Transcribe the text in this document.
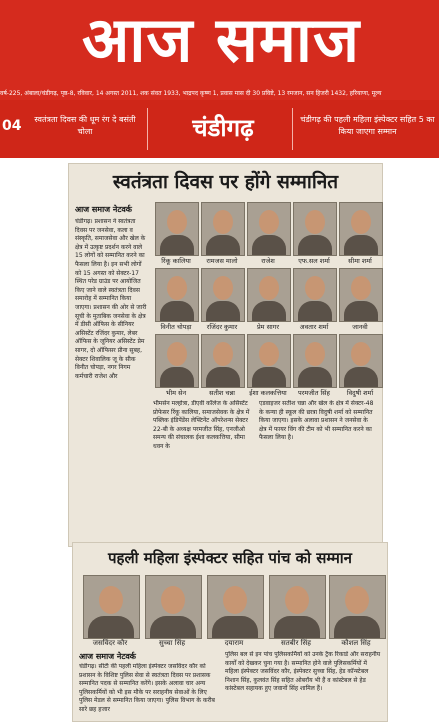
आज समाज
वर्ष-225, अंबाला/चंडीगढ़, पृष्ठ-8, रविवार, 14 अगस्त 2011, शक संवत 1933, भाद्रपद कृष्ण 1, प्रवास मास दी 30 प्रविष्टे, 13 रमजान, सन हिजरी 1432, हरियाणा, मूल्य
04	स्वतंत्रता दिवस की धूम रंग दे बसंती चोला	चंडीगढ़	चंडीगढ़ की पहली महिला इंस्पेक्टर सहित 5 का किया जाएगा सम्मान
स्वतंत्रता दिवस पर होंगे सम्मानित
आज समाज नेटवर्क
चंडीगढ़। प्रशासन ने स्वतंत्रता दिवस पर जनसेवा, कला व संस्कृति, समाजसेवा और खेल के क्षेत्र में उत्कृष्ट प्रदर्शन करने वाले 15 लोगों को सम्मानित करने का फैसला लिया है। इन सभी लोगों को 15 अगस्त को सेक्टर-17 स्थित परेड ग्राउंड पर आयोजित किए जाने वाले स्वतंत्रता दिवस समारोह में सम्मानित किया जाएगा। प्रशासन की ओर से जारी सूची के मुताबिक जनसेवा के क्षेत्र में डीसी ऑफिस के सीनियर असिस्टेंट रजिंदर कुमार, लेबर ऑफिस के जूनियर असिस्टेंट प्रेम सागर, दो ऑफिसर प्रीना सुबह, सेक्टर शिवालिक जू के सीक विनीत चोपड़ा, नगर निगम कर्मचारी राजेश और
रिंकू कालिया	रामजस मालो	राजेश	एफ.सल शर्मा	सीमा शर्मा
विनीत चोपड़ा	रजिंदर कुमार	प्रेम सागर	अवतार शर्मा	जानवी
भीम सेन	सतीश चन्ना	ईशा कलकत्तिया	परमजीत सिंह	विदुषी शर्मा
भीमसेन मल्होत्रा, डीएवी कॉलेज के असिस्टेंट प्रोफेसर रिंकू कालिया, समाजसेवक के क्षेत्र में पब्लिक इंडिपेंडेंस लेफ्टिनेंट ऑपरेशन्स सेक्टर 22-बी के अध्यक्ष परमजीत सिंह, एनजीओ समन्य की संचालक ईशा कलकत्तिया, सीमा धवन के
एडवाइजर सतीश चन्ना और खेल के क्षेत्र में सेक्टर-48 के कन्या ही स्कूल की छात्रा विदुषी शर्मा को सम्मानित किया जाएगा। इसके अलावा प्रशासन ने जनसेवा के क्षेत्र में फायर विंग की टीम को भी सम्मानित करने का फैसला लिया है।
पहली महिला इंस्पेक्टर सहित पांच को सम्मान
जसविंदर कौर	सुच्चा सिंह	दयाराम	सतबीर सिंह	कौशल सिंह
आज समाज नेटवर्क
चंडीगढ़। सीटी की पहली महिला इंस्पेक्टर जसविंदर कौर को प्रशासन के विशिष्ट पुलिस सेवा से स्वतंत्रता दिवस पर प्रशासक सम्मानित पदक से सम्मानित करेंगे। इसके अलावा चार अन्य पुलिसकर्मियों को भी इस मौके पर सराहनीय सेवाओं के लिए पुलिस मेडल से सम्मानित किया जाएगा। पुलिस विभाग के करीब सारे छह हजार
पुलिस बल से इन पांच पुलिसकर्मियों को उनके ट्रैक रिकार्ड और सराहनीय कार्यों को देखकर चुना गया है। सम्मानित होने वाले पुलिसकर्मियों में महिला इंस्पेक्टर जसविंदर कौर, इंस्पेक्टर सुच्चा सिंह, हेड कॉन्स्टेबल निशान सिंह, कुलवंत सिंह सहित ओबरॉय भी हैं व कांस्टेबल से हेड कांस्टेबल सहायक हुए जवानों सिंह शामिल हैं।
